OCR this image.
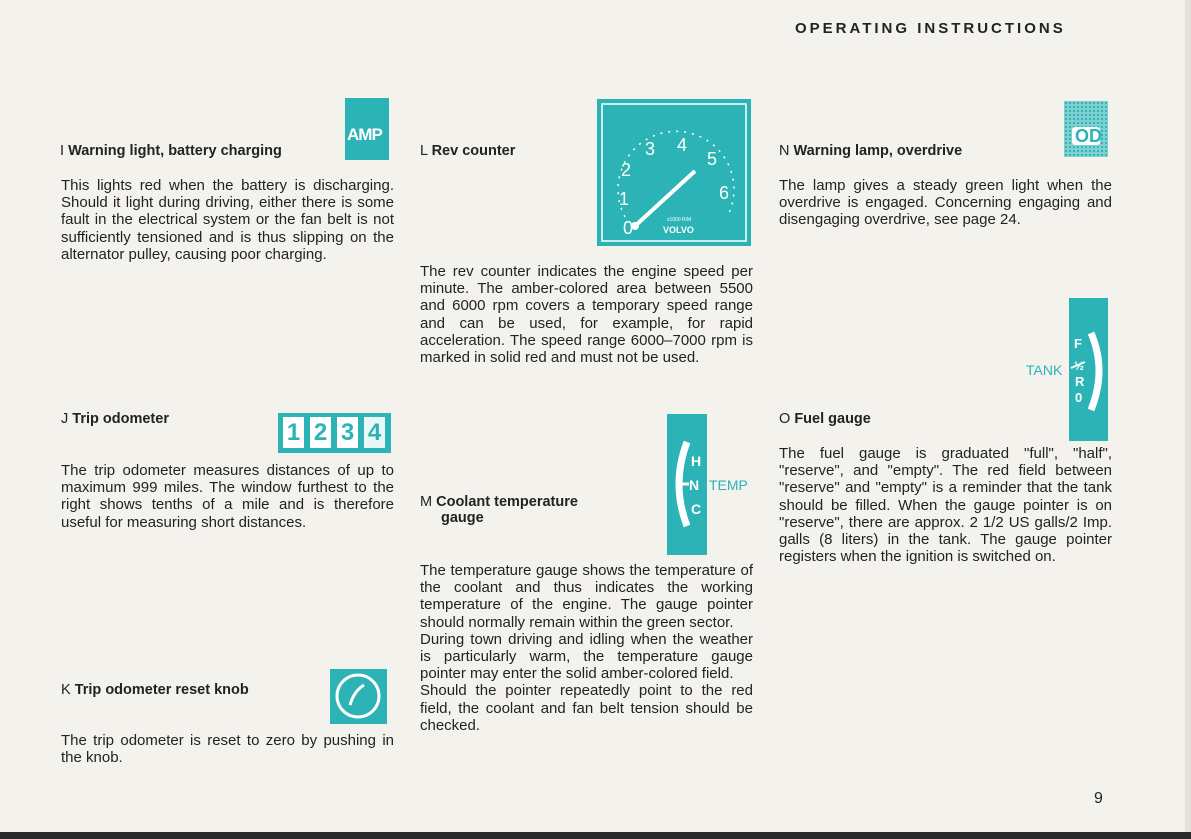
OPERATING INSTRUCTIONS
I Warning light, battery charging
AMP
This lights red when the battery is discharging. Should it light during driving, either there is some fault in the electrical system or the fan belt is not sufficiently tensioned and is thus slipping on the alternator pulley, causing poor charging.
J Trip odometer	1 2 3 4
The trip odometer measures distances of up to maximum 999 miles. The window furthest to the right shows tenths of a mile and is therefore useful for measuring short distances.
K Trip odometer reset knob
The trip odometer is reset to zero by pushing in the knob.
L Rev counter
0
1
2
3 4
5
6
x1000 R/M
VOLVO
The rev counter indicates the engine speed per minute. The amber-colored area between 5500 and 6000 rpm covers a temporary speed range and can be used, for example, for rapid acceleration. The speed range 6000–7000 rpm is marked in solid red and must not be used.
M Coolant temperature
gauge
H
N
C
TEMP
The temperature gauge shows the temperature of the coolant and thus indicates the working temperature of the engine. The gauge pointer should normally remain within the green sector.
During town driving and idling when the weather is particularly warm, the temperature gauge pointer may enter the solid amber-colored field.
Should the pointer repeatedly point to the red field, the coolant and fan belt tension should be checked.
N Warning lamp, overdrive
OD
The lamp gives a steady green light when the overdrive is engaged. Concerning engaging and disengaging overdrive, see page 24.
TANK
F
½
R
0
O Fuel gauge
The fuel gauge is graduated "full", "half", "reserve", and "empty". The red field between "reserve" and "empty" is a reminder that the tank should be filled. When the gauge pointer is on "reserve", there are approx. 2 1/2 US galls/2 Imp. galls (8 liters) in the tank. The gauge pointer registers when the ignition is switched on.
9
